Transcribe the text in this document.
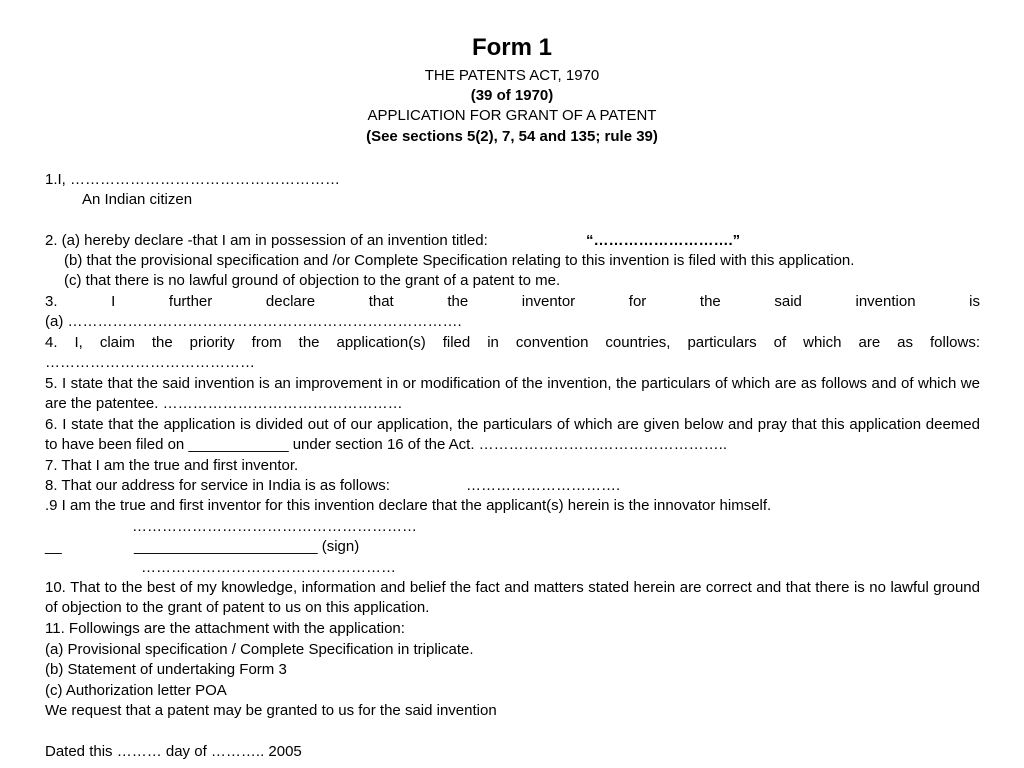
Form 1
THE PATENTS ACT, 1970
(39 of 1970)
APPLICATION FOR GRANT OF A PATENT
(See sections 5(2), 7, 54 and 135; rule 39)
1.I, ………………………………………………
An Indian citizen
2. (a) hereby declare -that I am in possession of an invention titled:	“……………………….”
(b) that the provisional specification and /or Complete Specification relating to this invention is filed with this application.
(c) that there is no lawful ground of objection to the grant of a patent to me.
3. I further declare that the inventor for the said invention is
(a) …………………………………………………………………….
4. I, claim the priority from the application(s) filed in convention countries, particulars of which are as follows:
……………………………………
5. I state that the said invention is an improvement in or modification of the invention, the particulars of which are as follows and of which we are the patentee. …………………………………………
6. I state that the application is divided out of our application, the particulars of which are given below and pray that this application deemed to have been filed on ____________ under section 16 of the Act. …………………………………………..
7. That I am the true and first inventor.
8. That our address for service in India is as follows:	………………………….
.9 I am the true and first inventor for this invention declare that the applicant(s) herein is the innovator himself.
…………………………………………………
__	______________________ (sign)
……………………………………………
10. That to the best of my knowledge, information and belief the fact and matters stated herein are correct and that there is no lawful ground of objection to the grant of patent to us on this application.
11. Followings are the attachment with the application:
(a) Provisional specification / Complete Specification in triplicate.
(b) Statement of undertaking Form 3
(c) Authorization letter POA
We request that a patent may be granted to us for the said invention
Dated this ……… day of ……….. 2005
